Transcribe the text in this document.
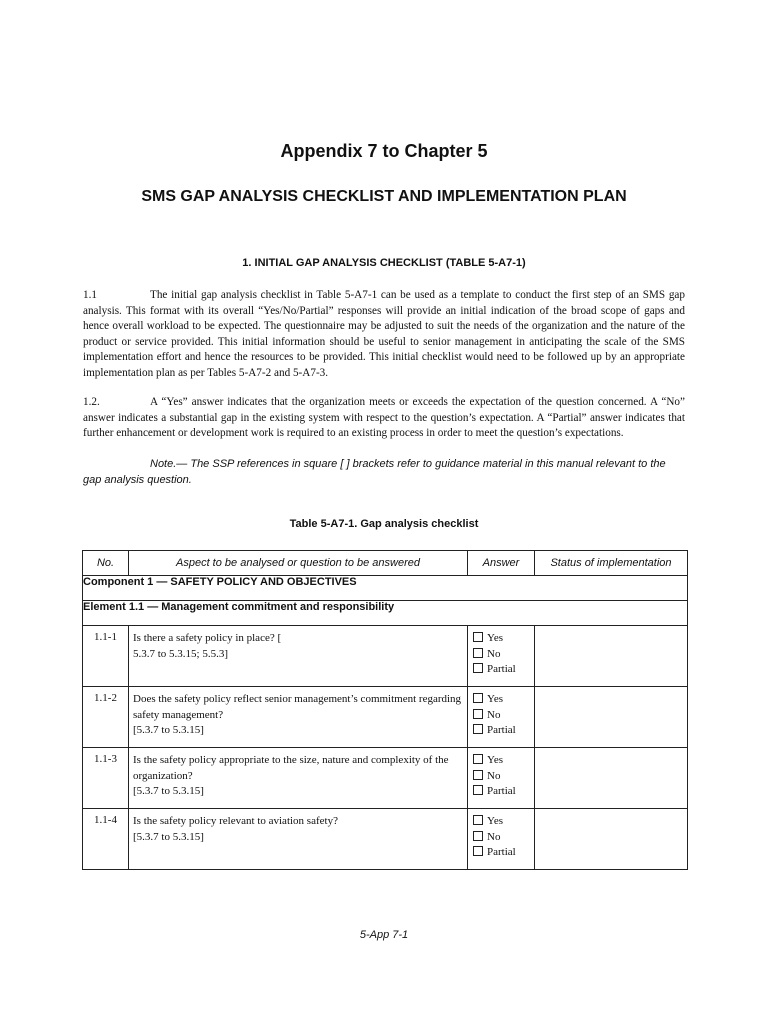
Appendix 7 to Chapter 5
SMS GAP ANALYSIS CHECKLIST AND IMPLEMENTATION PLAN
1. INITIAL GAP ANALYSIS CHECKLIST (TABLE 5-A7-1)

1.1	The initial gap analysis checklist in Table 5-A7-1 can be used as a template to conduct the first step of an SMS gap analysis. This format with its overall “Yes/No/Partial” responses will provide an initial indication of the broad scope of gaps and hence overall workload to be expected. The questionnaire may be adjusted to suit the needs of the organization and the nature of the product or service provided. This initial information should be useful to senior management in anticipating the scale of the SMS implementation effort and hence the resources to be provided. This initial checklist would need to be followed up by an appropriate implementation plan as per Tables 5-A7-2 and 5-A7-3.

1.2.	A “Yes” answer indicates that the organization meets or exceeds the expectation of the question concerned. A “No” answer indicates a substantial gap in the existing system with respect to the question’s expectation. A “Partial” answer indicates that further enhancement or development work is required to an existing process in order to meet the question’s expectations.

Note.— The SSP references in square [ ] brackets refer to guidance material in this manual relevant to the gap analysis question.

Table 5-A7-1. Gap analysis checklist
No.	Aspect to be analysed or question to be answered	Answer	Status of implementation
Component 1 — SAFETY POLICY AND OBJECTIVES			
Element 1.1 — Management commitment and responsibility			
1.1-1	Is there a safety policy in place? [
5.3.7 to 5.3.15; 5.5.3]	Yes
No
Partial	

1.1-2	Does the safety policy reflect senior management’s commitment regarding safety management?
[5.3.7 to 5.3.15]	Yes
No
Partial	

1.1-3	Is the safety policy appropriate to the size, nature and complexity of the organization?
[5.3.7 to 5.3.15]	Yes
No
Partial	

1.1-4	Is the safety policy relevant to aviation safety?
[5.3.7 to 5.3.15]	Yes
No
Partial	

5-App 7-1
